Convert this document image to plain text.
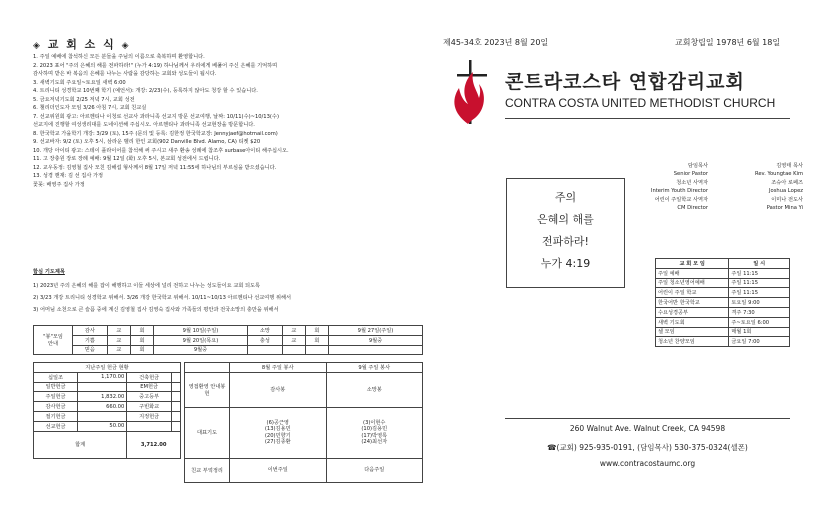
◈ 교 회 소 식 ◈
1. 주일 예배에 참석하신 모든 분들을 주님의 이름으로 축복하며 환영합니다.
2. 2023 표어 "주의 은혜의 해를 전파하라!" (누가 4:19) 하나님께서 우리에게 베풀어 주신 은혜를 기억하며
감사하며 받은 바 복음의 은혜를 나누는 사람을 감당하는 교회와 성도들이 됩시다.
3. 새벽기도회 주요일~토요일 새벽 6:00
4. 트리니티 성경학교 10번째 학기 (예언서): 개강: 2/23(수), 등록하지 않아도 청강 할 수 있습니다.
5. 금요저녁기도회 2/25 저녁 7시, 교회 성전
6. 챌리더인도자 모임 3/26 아침 7시, 교회 친교실
7. 선교위원회 광고: 아르헨티나 이청로 선교사 과라니족 선교지 방문 선교여행, 날짜: 10/11(수)~10/13(수)
선교지에 진행할 여성생리대를 도네이션해 주십시오. 아르헨티나 과라니족 선교현장을 방문합니다.
8. 한국학교 가을학기 개강: 3/29 (토), 15주 (문의 및 등록: 김한정 한국학교장: Jennyjaef@hotmail.com)
9. 선교바자: 9/2 (토) 오후 5시, 삼라운 벨리 한인 교회(902 Danville Blvd. Alamo, CA) 티켓 $20
10. 개당 아이티 광고: 스테이 플라이어를 참석해 써 주시고 새주 환송 성례에 참조후 surbase아이티 해주십시오.
11. 고 장충원 장로 장례 예배: 9월 12일 (화) 오후 5시, 본교회 성전에서 드립니다.
12. 교우동정: 김영철 집사 모친 김해섭 형사께서 8월 17일 저녁 11:55에 하나님의 부르심을 받으셨습니다.
13. 성경 핸재: 김 선 집사 가정
꽃꽂: 배영주 집사 가정
함심 기도제목
1) 2023년 주의 은혜의 해를 잡이 해행하고 이들 세상에 널리 전하고 나누는 성도들이요 교회 되도록
2) 3/23 개강 트리니티 성경학교 위해서. 3/26 개강 한국학교 위해서. 10/11~10/13 아르헨티나 선교여행 위해서
3) 어머님 소천으로 큰 슬픔 중에 계신 김영철 집사 김영숙 집사와 가족들의 평안과 전국소망의 충만을 위해서
"봉"모임
안내	감사	교	회	9월 10일(주일)	소망	교	회	9월 27일(주일)
	기쁨	교	회	9월 20일(목요)	충성	교	회	9월중
	믿음	교	회	9월중				
지난주일 헌금 현황			
십일조	1,170.00	건축헌금	
일반헌금		EM헌금	
주일헌금	1,832.00	중고등부	
감사헌금	660.00	구빈화교	
절기헌금		지정헌금	
선교헌금	50.00		
합계		3,712.00	
	8월 주일 봉사	9월 주일 봉사
영접환영 안내봉헌	감사봉	소망봉
대표기도	(6)공근영
(13)김용민
(20)민향기
(27)김종환	(3)이현수
(10)김용민
(17)박영록
(24)최선자
친교 부엌정리	이번주일	다음주일
제45-34호 2023년 8월 20일	교회창립일 1978년 6월 18일
콘트라코스타 연합감리교회
CONTRA COSTA UNITED METHODIST CHURCH
주의
은혜의 해를
전파하라!
누가 4:19
담임목사
Senior Pastor
김영태 목사
Rev. Youngtae Kim
청소년 사역자
Interim Youth Director
조슈아 로페즈
Joshua Lopez
어린이 주일학교 사역자
CM Director
이미나 전도사
Pastor Mina Yi
교 회 모 임	일 시
주일 예배	주일 11:15
주일 청소년영어예배	주일 11:15
어린이 주일 학교	주일 11:15
한국어반 한국학교	토요일 9:00
수요성경공부	격주 7:30
새벽 기도회	주~토요일 6:00
셀 모임	매월 1회
청소년 찬양모임	금요일 7:00
260 Walnut Ave. Walnut Creek, CA 94598
☎(교회) 925-935-0191, (담임목사) 530-375-0324(셀폰)
www.contracostaumc.org
